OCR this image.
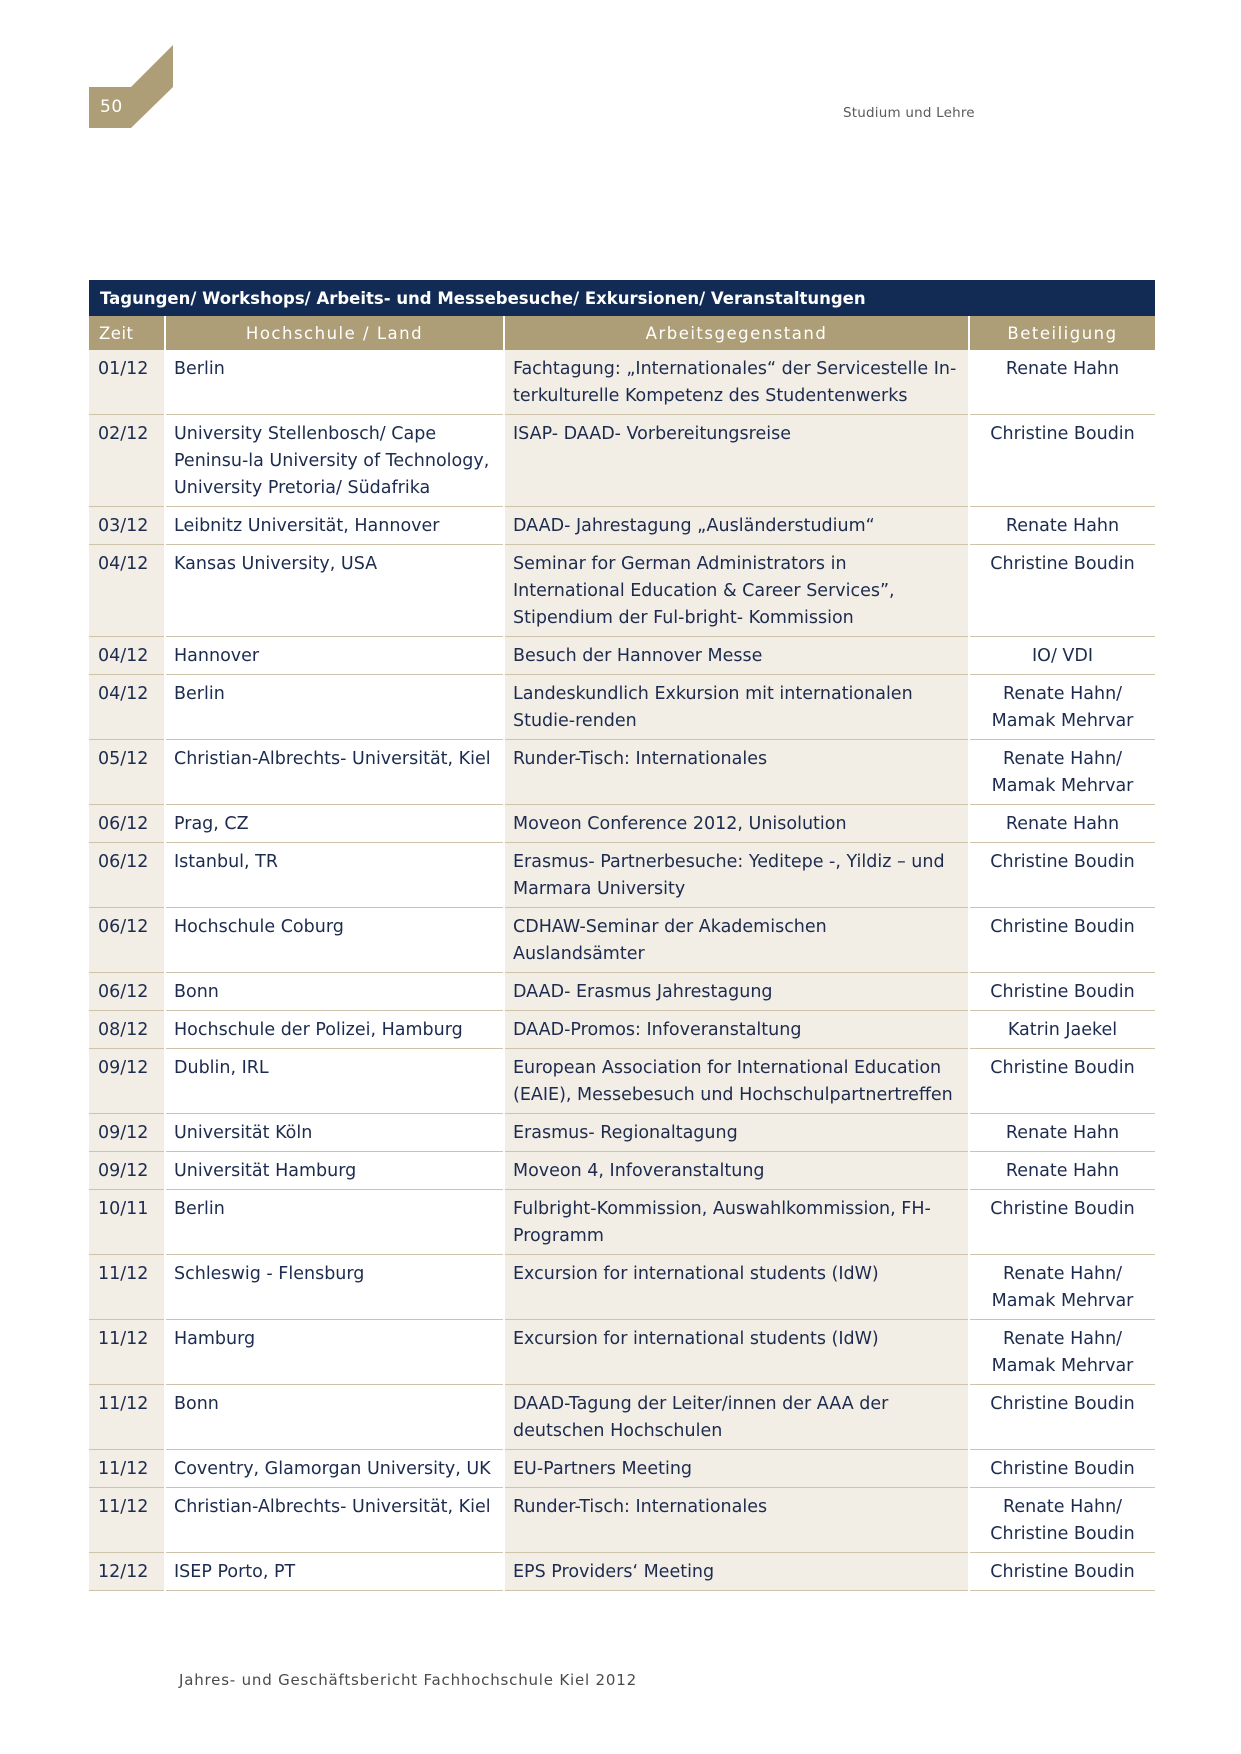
50	Studium und Lehre
Tagungen/ Workshops/ Arbeits- und Messebesuche/ Exkursionen/ Veranstaltungen			
Zeit	Hochschule / Land	Arbeitsgegenstand	Beteiligung
01/12	Berlin	Fachtagung: „Internationales“ der Servicestelle In-terkulturelle Kompetenz des Studentenwerks	Renate Hahn

02/12	University Stellenbosch/ Cape Peninsu-la University of Technology, University Pretoria/ Südafrika	ISAP- DAAD- Vorbereitungsreise	Christine Boudin

03/12	Leibnitz Universität, Hannover	DAAD- Jahrestagung „Ausländerstudium“	Renate Hahn

04/12	Kansas University, USA	Seminar for German Administrators in International Education & Career Services”, Stipendium der Ful-bright- Kommission	Christine Boudin

04/12	Hannover	Besuch der Hannover Messe	IO/ VDI

04/12	Berlin	Landeskundlich Exkursion mit internationalen Studie-renden	Renate Hahn/
Mamak Mehrvar

05/12	Christian-Albrechts- Universität, Kiel	Runder-Tisch: Internationales	Renate Hahn/
Mamak Mehrvar

06/12	Prag, CZ	Moveon Conference 2012, Unisolution	Renate Hahn

06/12	Istanbul, TR	Erasmus- Partnerbesuche: Yeditepe -, Yildiz – und Marmara University	Christine Boudin

06/12	Hochschule Coburg	CDHAW-Seminar der Akademischen Auslandsämter	Christine Boudin

06/12	Bonn	DAAD- Erasmus Jahrestagung	Christine Boudin

08/12	Hochschule der Polizei, Hamburg	DAAD-Promos: Infoveranstaltung	Katrin Jaekel

09/12	Dublin, IRL	European Association for International Education (EAIE), Messebesuch und Hochschulpartnertreffen	Christine Boudin

09/12	Universität Köln	Erasmus- Regionaltagung	Renate Hahn

09/12	Universität Hamburg	Moveon 4, Infoveranstaltung	Renate Hahn

10/11	Berlin	Fulbright-Kommission, Auswahlkommission, FH- Programm	Christine Boudin

11/12	Schleswig - Flensburg	Excursion for international students (IdW)	Renate Hahn/
Mamak Mehrvar

11/12	Hamburg	Excursion for international students (IdW)	Renate Hahn/
Mamak Mehrvar

11/12	Bonn	DAAD-Tagung der Leiter/innen der AAA der deutschen Hochschulen	Christine Boudin

11/12	Coventry, Glamorgan University, UK	EU-Partners Meeting	Christine Boudin

11/12	Christian-Albrechts- Universität, Kiel	Runder-Tisch: Internationales	Renate Hahn/
Christine Boudin

12/12	ISEP Porto, PT	EPS Providers‘ Meeting	Christine Boudin
Jahres- und Geschäftsbericht Fachhochschule Kiel 2012
